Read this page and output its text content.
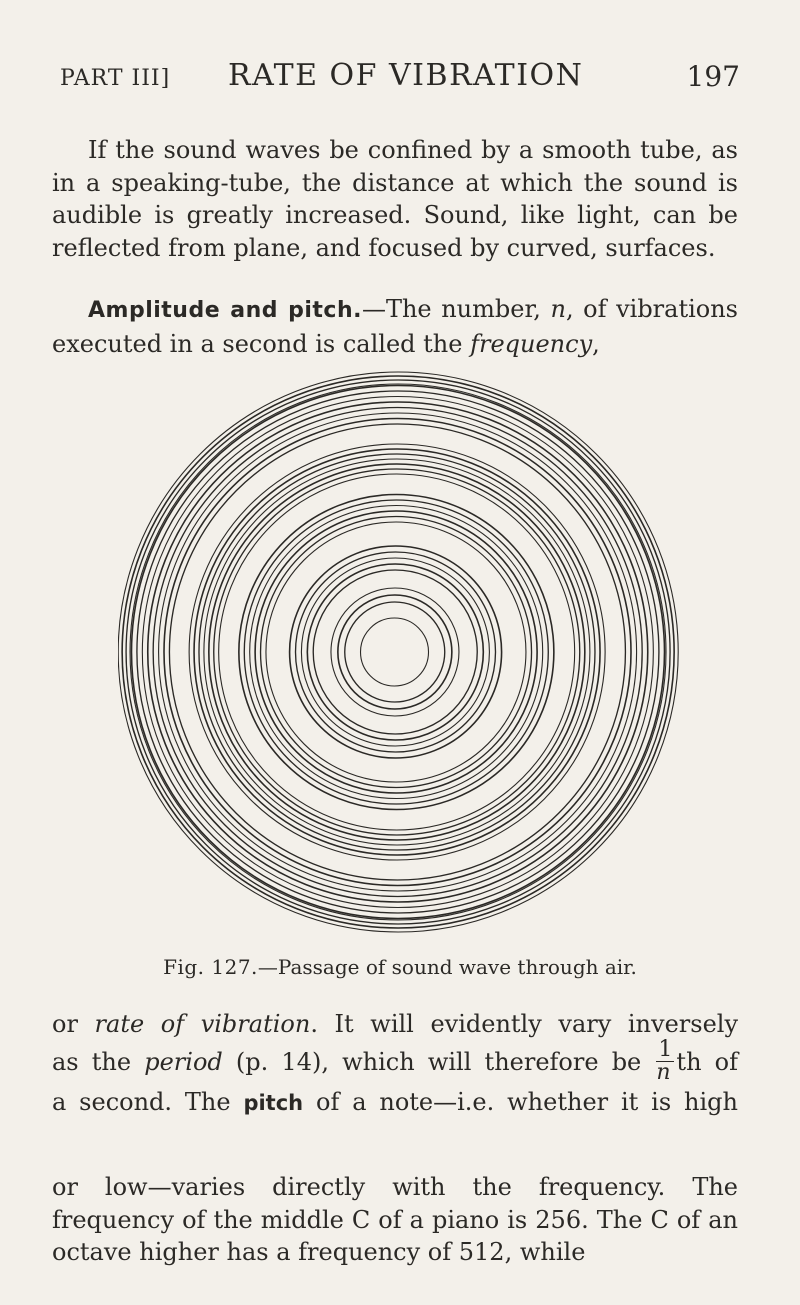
PART III] RATE OF VIBRATION	197

If the sound waves be confined by a smooth tube, as in a speaking-tube, the distance at which the sound is audible is greatly increased. Sound, like light, can be reflected from plane, and focused by curved, surfaces.

Amplitude and pitch.—The number, n, of vibrations executed in a second is called the frequency,

Fig. 127.—Passage of sound wave through air.
or rate of vibration. It will evidently vary inversely
as the period (p. 14), which will therefore be $\frac{1}{n}$ th of
a second. The pitch of a note—i.e. whether it is high

or low—varies directly with the frequency. The frequency of the middle C of a piano is 256. The C of an octave higher has a frequency of 512, while
